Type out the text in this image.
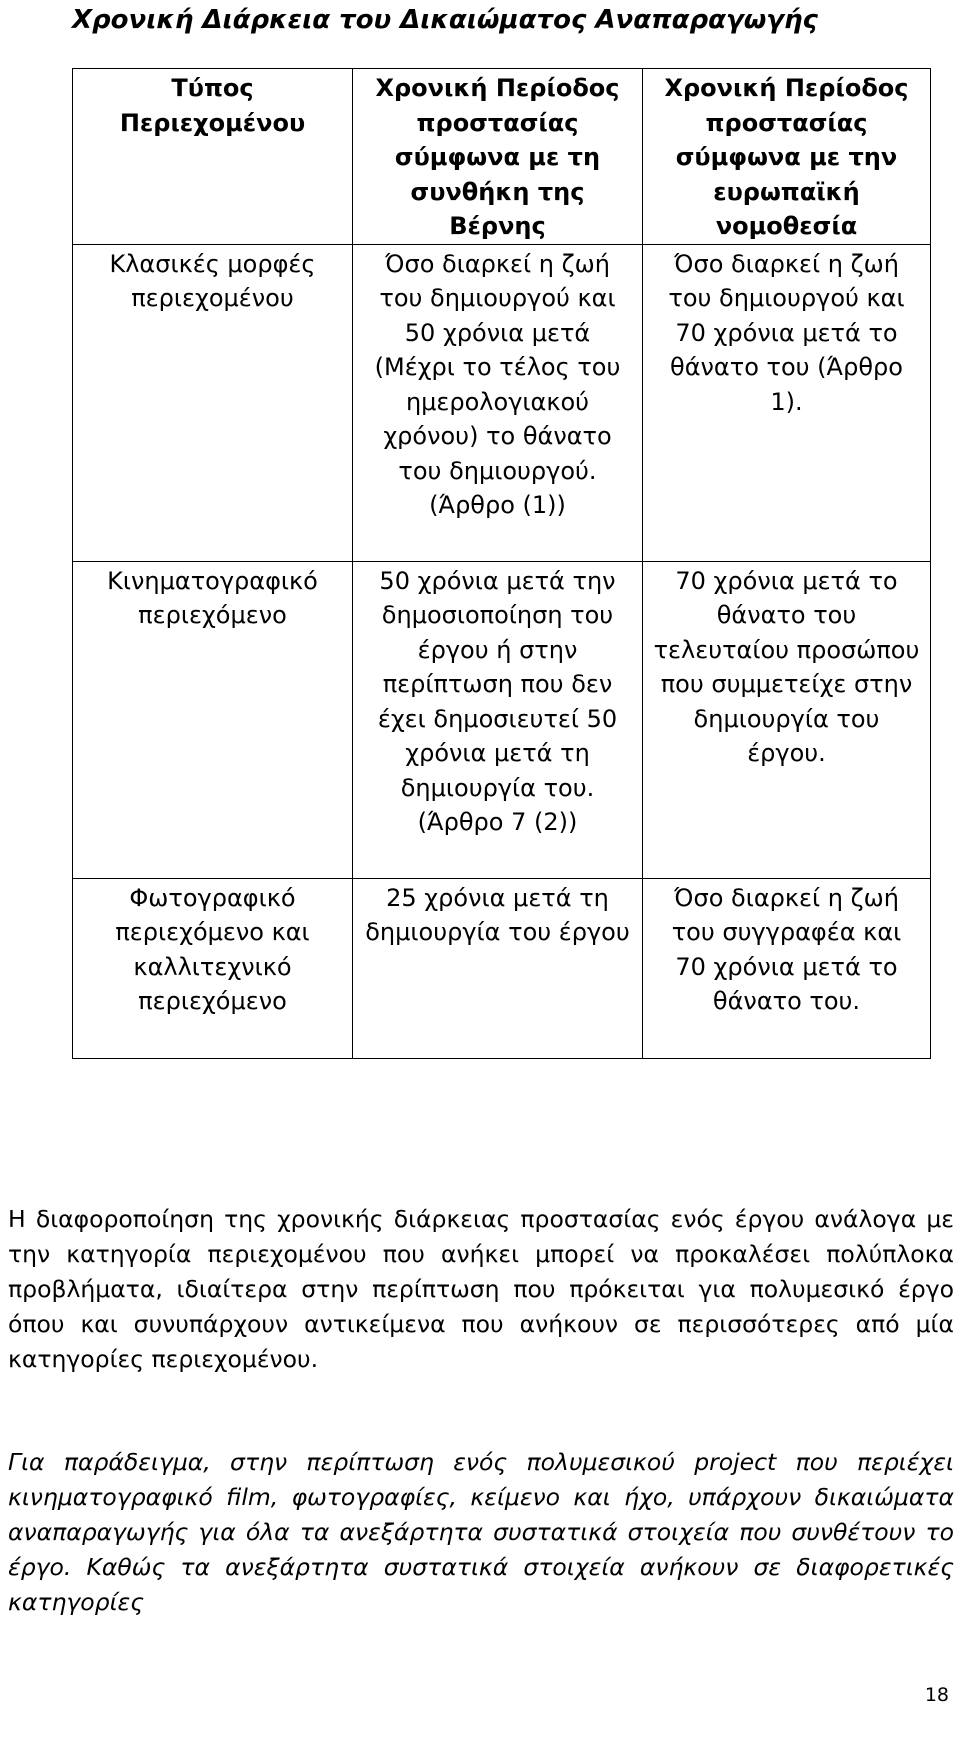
Χρονική Διάρκεια του Δικαιώματος Αναπαραγωγής
Τύπος Περιεχομένου	Χρονική Περίοδος προστασίας σύμφωνα με τη συνθήκη της Βέρνης	Χρονική Περίοδος προστασίας σύμφωνα με την ευρωπαϊκή νομοθεσία
Κλασικές μορφές περιεχομένου	Όσο διαρκεί η ζωή του δημιουργού και 50 χρόνια μετά (Μέχρι το τέλος του ημερολογιακού χρόνου) το θάνατο του δημιουργού. (Άρθρο (1))	Όσο διαρκεί η ζωή του δημιουργού και 70 χρόνια μετά το θάνατο του (Άρθρο 1).
Κινηματογραφικό περιεχόμενο	50 χρόνια μετά την δημοσιοποίηση του έργου ή στην περίπτωση που δεν έχει δημοσιευτεί 50 χρόνια μετά τη δημιουργία του. (Άρθρο 7 (2))	70 χρόνια μετά το θάνατο του τελευταίου προσώπου που συμμετείχε στην δημιουργία του έργου.
Φωτογραφικό περιεχόμενο και καλλιτεχνικό περιεχόμενο	25 χρόνια μετά τη δημιουργία του έργου	Όσο διαρκεί η ζωή του συγγραφέα και 70 χρόνια μετά το θάνατο του.

Η διαφοροποίηση της χρονικής διάρκειας προστασίας ενός έργου ανάλογα με την κατηγορία περιεχομένου που ανήκει μπορεί να προκαλέσει πολύπλοκα προβλήματα, ιδιαίτερα στην περίπτωση που πρόκειται για πολυμεσικό έργο όπου και συνυπάρχουν αντικείμενα που ανήκουν σε περισσότερες από μία κατηγορίες περιεχομένου.

Για παράδειγμα, στην περίπτωση ενός πολυμεσικού project που περιέχει κινηματογραφικό film, φωτογραφίες, κείμενο και ήχο, υπάρχουν δικαιώματα αναπαραγωγής για όλα τα ανεξάρτητα συστατικά στοιχεία που συνθέτουν το έργο. Καθώς τα ανεξάρτητα συστατικά στοιχεία ανήκουν σε διαφορετικές κατηγορίες

18
